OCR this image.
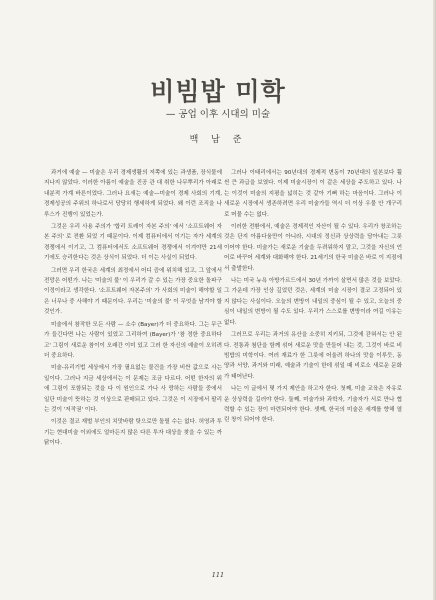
비빔밥 미학
— 공업 이후 시대의 미술
백 남 준

과거에 예술 — 미술은 우리 경제생활의 저쪽에 있는 과생품, 장식물에 지나지 않았다. 이러한 아름이 예술을 진공 관 대 취한 나무뿌리가 아래로 내분적 가계 바른이었다. 그러나 요새는 예술—미술이 경제 사회의 기계, 경제성공의 주위의 하나로서 당당히 행세하게 되었다. 왜 이런 조직을 나루스가 진행이 있었는가.

그것은 우리 사용 주의가 '합리 트레이 자본 주의' 에서 '소프트웨어 자본 주의' 로 전환 되었 기 때문이다. 이제 컴퓨터에서 이기는 자가 세계의 경쟁에서 이기고, 그 컴퓨터에서도 소프트웨어 경쟁에서 이겨야만 21세기에도 승리한다는 것은 상식이 되었다. 더 이는 사실이 되었다.

그러면 우리 한국은 세계의 최정에서 어디 즘에 위치해 있고, 그 앞에서 전망은 어떤가. 나는 '미술의 불' 이 우리가 갈 수 있는 가장 중요한 돌파구 이정이라고 생각한다. '소프트웨어 자본주의' 가 사회의 미술이 해야할 일은 너무나 중 사해야 기 때문이다. 우리는 '미술의 불' 이 무엇을 남겨야 할 것인가.

미술에서 참작한 모든 사람 — 소수 (Bayer)가 더 중요하다. 그는 무근가 들긴다면 나는 사람이 있었고 그리하여 (Bayer)가 '참 정한 중요하다고' 그림이 새로운 참이이 오래간 이미 있고 그러 한 자신의 예술이 오히려 더 중요하다.

미술-유리기법 세상에서 가장 필요없는 물건을 가장 비싼 값으로 사는 일이다. 그러나 지금 세상에서는 이 문제는 조금 다르다. 어떤 한자의 위에 그림이 포함되는 것을 다 이 원인으로 가나 사 랑하는 사람들 중에서 일단 미술이 뜻하는 것 이상으로 판매되고 있다. 그것은 이 시장에서 팔리는 것이 '저작권' 이다.

이것은 결코 재벌 부인의 치맛바람 탓으로만 돌릴 수는 없다. 허영과 투기는 현대미술 이외에도 얼마든지 많은 다른 투자 대상을 찾을 수 있는 까닭이다.

그러나 이태리에서는 90년대의 경제적 변동이 70년대의 일본보다 훨씬 큰 과급을 보였다. 이제 미술시장이 이 같은 세상을 주도하고 있다. 나는 이것이 미술의 지평을 넓히는 것 같아 기뻐 하는 마음이다. 그러나 이 새로운 시장에서 생존하려면 우리 미술가들 역시 더 이상 우물 안 개구리로 머물 수는 없다.

이러한 전환에서, 예술은 경제적인 자산이 될 수 있다. 우리가 창조하는 것은 단지 아름다움만이 아니라, 시대의 정신과 상상력을 담아내는 그릇이어야 한다. 미술가는 새로운 기술을 두려워하지 말고, 그것을 자신의 언어로 바꾸어 세계와 대화해야 한다. 21세기의 한국 미술은 바로 이 지점에서 출발한다.

나는 미국 뉴욕 아방가르드에서 30년 가까이 살면서 많은 것을 보았다. 그 가운데 가장 인상 깊었던 것은, 세계의 미술 시장이 결코 고정되어 있지 않다는 사실이다. 오늘의 변방이 내일의 중심이 될 수 있고, 오늘의 중심이 내일의 변방이 될 수도 있다. 우리가 스스로를 변방이라 여길 이유는 없다.

그러므로 우리는 과거의 유산을 소중히 지키되, 그것에 갇혀서는 안 된다. 전통과 첨단을 함께 섞어 새로운 맛을 만들어 내는 것, 그것이 바로 비빔밥의 미학이다. 여러 재료가 한 그릇에 어울려 하나의 맛을 이루듯, 동양과 서양, 과거와 미래, 예술과 기술이 한데 섞일 때 비로소 새로운 문화가 태어난다.

나는 이 글에서 몇 가지 제안을 하고자 한다. 첫째, 미술 교육은 자유로운 상상력을 길러야 한다. 둘째, 미술가와 과학자, 기술자가 서로 만나 협력할 수 있는 장이 마련되어야 한다. 셋째, 한국의 미술은 세계를 향해 열린 창이 되어야 한다.

111
